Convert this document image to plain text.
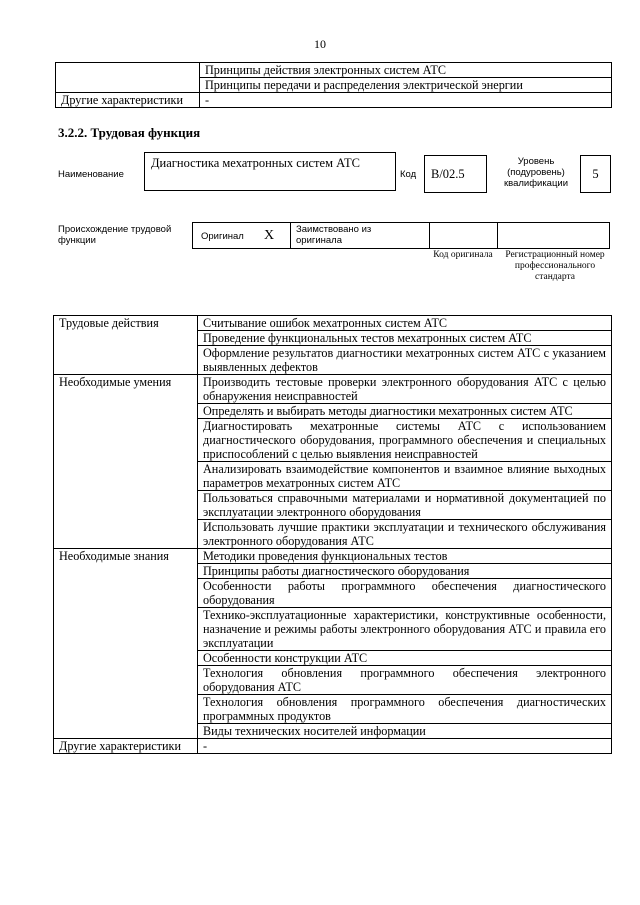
10
	Принципы действия электронных систем АТС
	Принципы передачи и распределения электрической энергии
Другие характеристики	-
3.2.2. Трудовая функция
Наименование
Диагностика мехатронных систем АТС
Код	B/02.5
Уровень (подуровень) квалификации
5
Происхождение трудовой функции	Оригинал X Заимствовано из оригинала
Код оригинала	Регистрационный номер профессионального стандарта
Трудовые действия	Считывание ошибок мехатронных систем АТС
	Проведение функциональных тестов мехатронных систем АТС
	Оформление результатов диагностики мехатронных систем АТС с указанием выявленных дефектов
Необходимые умения	Производить тестовые проверки электронного оборудования АТС с целью обнаружения неисправностей
	Определять и выбирать методы диагностики мехатронных систем АТС
	Диагностировать мехатронные системы АТС с использованием диагностического оборудования, программного обеспечения и специальных приспособлений с целью выявления неисправностей
	Анализировать взаимодействие компонентов и взаимное влияние выходных параметров мехатронных систем АТС
	Пользоваться справочными материалами и нормативной документацией по эксплуатации электронного оборудования
	Использовать лучшие практики эксплуатации и технического обслуживания электронного оборудования АТС
Необходимые знания	Методики проведения функциональных тестов
	Принципы работы диагностического оборудования
	Особенности работы программного обеспечения диагностического оборудования
	Технико-эксплуатационные характеристики, конструктивные особенности, назначение и режимы работы электронного оборудования АТС и правила его эксплуатации
	Особенности конструкции АТС
	Технология обновления программного обеспечения электронного оборудования АТС
	Технология обновления программного обеспечения диагностических программных продуктов
	Виды технических носителей информации
Другие характеристики	-
